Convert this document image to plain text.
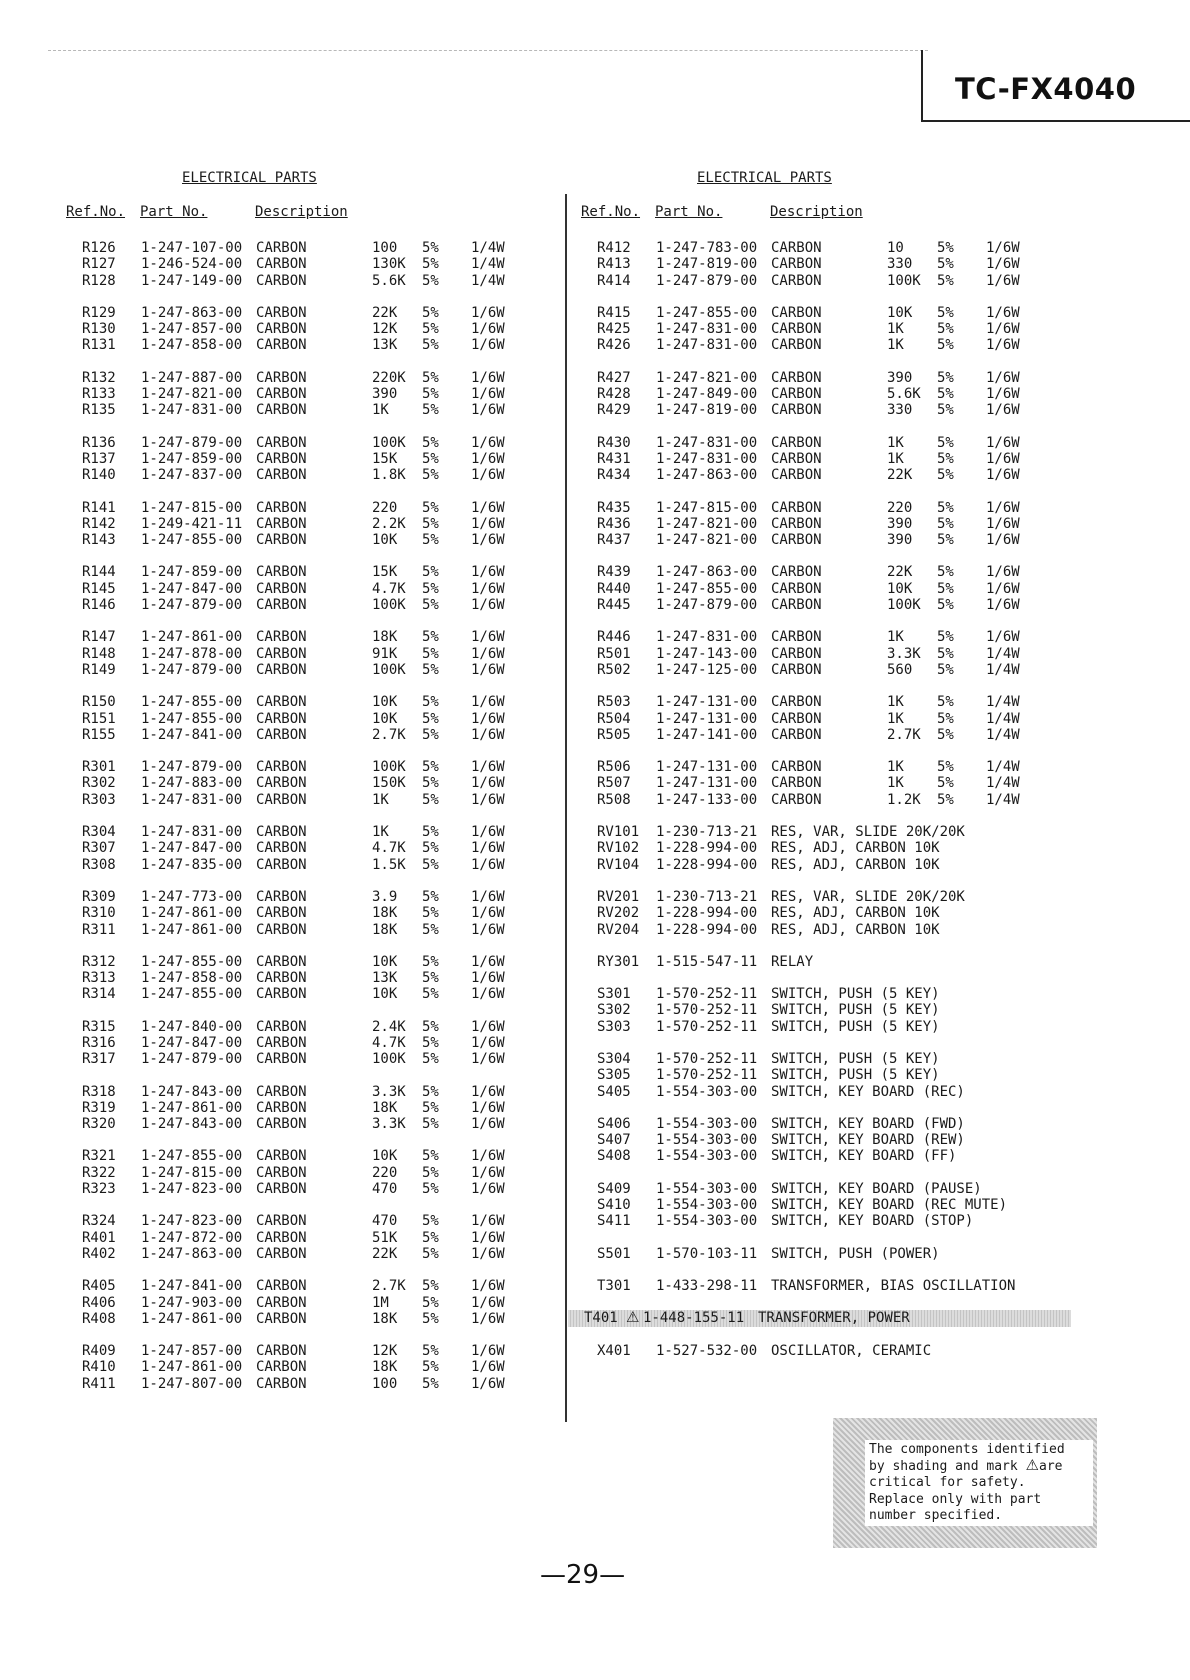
TC-FX4040
ELECTRICAL PARTS
Ref.No. Part No.	Description
R126 1-247-107-00 CARBON	100 5% 1/4W
R127 1-246-524-00 CARBON	130K 5% 1/4W
R128 1-247-149-00 CARBON	5.6K 5% 1/4W
R129 1-247-863-00 CARBON	22K 5% 1/6W
R130 1-247-857-00 CARBON	12K 5% 1/6W
R131 1-247-858-00 CARBON	13K 5% 1/6W
R132 1-247-887-00 CARBON	220K 5% 1/6W
R133 1-247-821-00 CARBON	390 5% 1/6W
R135 1-247-831-00 CARBON	1K 5% 1/6W
R136 1-247-879-00 CARBON	100K 5% 1/6W
R137 1-247-859-00 CARBON	15K 5% 1/6W
R140 1-247-837-00 CARBON	1.8K 5% 1/6W
R141 1-247-815-00 CARBON	220 5% 1/6W
R142 1-249-421-11 CARBON	2.2K 5% 1/6W
R143 1-247-855-00 CARBON	10K 5% 1/6W
R144 1-247-859-00 CARBON	15K 5% 1/6W
R145 1-247-847-00 CARBON	4.7K 5% 1/6W
R146 1-247-879-00 CARBON	100K 5% 1/6W
R147 1-247-861-00 CARBON	18K 5% 1/6W
R148 1-247-878-00 CARBON	91K 5% 1/6W
R149 1-247-879-00 CARBON	100K 5% 1/6W
R150 1-247-855-00 CARBON	10K 5% 1/6W
R151 1-247-855-00 CARBON	10K 5% 1/6W
R155 1-247-841-00 CARBON	2.7K 5% 1/6W
R301 1-247-879-00 CARBON	100K 5% 1/6W
R302 1-247-883-00 CARBON	150K 5% 1/6W
R303 1-247-831-00 CARBON	1K 5% 1/6W
R304 1-247-831-00 CARBON	1K 5% 1/6W
R307 1-247-847-00 CARBON	4.7K 5% 1/6W
R308 1-247-835-00 CARBON	1.5K 5% 1/6W
R309 1-247-773-00 CARBON	3.9 5% 1/6W
R310 1-247-861-00 CARBON	18K 5% 1/6W
R311 1-247-861-00 CARBON	18K 5% 1/6W
R312 1-247-855-00 CARBON	10K 5% 1/6W
R313 1-247-858-00 CARBON	13K 5% 1/6W
R314 1-247-855-00 CARBON	10K 5% 1/6W
R315 1-247-840-00 CARBON	2.4K 5% 1/6W
R316 1-247-847-00 CARBON	4.7K 5% 1/6W
R317 1-247-879-00 CARBON	100K 5% 1/6W
R318 1-247-843-00 CARBON	3.3K 5% 1/6W
R319 1-247-861-00 CARBON	18K 5% 1/6W
R320 1-247-843-00 CARBON	3.3K 5% 1/6W
R321 1-247-855-00 CARBON	10K 5% 1/6W
R322 1-247-815-00 CARBON	220 5% 1/6W
R323 1-247-823-00 CARBON	470 5% 1/6W
R324 1-247-823-00 CARBON	470 5% 1/6W
R401 1-247-872-00 CARBON	51K 5% 1/6W
R402 1-247-863-00 CARBON	22K 5% 1/6W
R405 1-247-841-00 CARBON	2.7K 5% 1/6W
R406 1-247-903-00 CARBON	1M 5% 1/6W
R408 1-247-861-00 CARBON	18K 5% 1/6W
R409 1-247-857-00 CARBON	12K 5% 1/6W
R410 1-247-861-00 CARBON	18K 5% 1/6W
R411 1-247-807-00 CARBON	100 5% 1/6W
ELECTRICAL PARTS
Ref.No. Part No.	Description
R412 1-247-783-00 CARBON	10 5% 1/6W
R413 1-247-819-00 CARBON	330 5% 1/6W
R414 1-247-879-00 CARBON	100K 5% 1/6W
R415 1-247-855-00 CARBON	10K 5% 1/6W
R425 1-247-831-00 CARBON	1K 5% 1/6W
R426 1-247-831-00 CARBON	1K 5% 1/6W
R427 1-247-821-00 CARBON	390 5% 1/6W
R428 1-247-849-00 CARBON	5.6K 5% 1/6W
R429 1-247-819-00 CARBON	330 5% 1/6W
R430 1-247-831-00 CARBON	1K 5% 1/6W
R431 1-247-831-00 CARBON	1K 5% 1/6W
R434 1-247-863-00 CARBON	22K 5% 1/6W
R435 1-247-815-00 CARBON	220 5% 1/6W
R436 1-247-821-00 CARBON	390 5% 1/6W
R437 1-247-821-00 CARBON	390 5% 1/6W
R439 1-247-863-00 CARBON	22K 5% 1/6W
R440 1-247-855-00 CARBON	10K 5% 1/6W
R445 1-247-879-00 CARBON	100K 5% 1/6W
R446 1-247-831-00 CARBON	1K 5% 1/6W
R501 1-247-143-00 CARBON	3.3K 5% 1/4W
R502 1-247-125-00 CARBON	560 5% 1/4W
R503 1-247-131-00 CARBON	1K 5% 1/4W
R504 1-247-131-00 CARBON	1K 5% 1/4W
R505 1-247-141-00 CARBON	2.7K 5% 1/4W
R506 1-247-131-00 CARBON	1K 5% 1/4W
R507 1-247-131-00 CARBON	1K 5% 1/4W
R508 1-247-133-00 CARBON	1.2K 5% 1/4W
RV101 1-230-713-21 RES, VAR, SLIDE 20K/20K
RV102 1-228-994-00 RES, ADJ, CARBON 10K
RV104 1-228-994-00 RES, ADJ, CARBON 10K
RV201 1-230-713-21 RES, VAR, SLIDE 20K/20K
RV202 1-228-994-00 RES, ADJ, CARBON 10K
RV204 1-228-994-00 RES, ADJ, CARBON 10K
RY301 1-515-547-11 RELAY
S301 1-570-252-11 SWITCH, PUSH (5 KEY)
S302 1-570-252-11 SWITCH, PUSH (5 KEY)
S303 1-570-252-11 SWITCH, PUSH (5 KEY)
S304 1-570-252-11 SWITCH, PUSH (5 KEY)
S305 1-570-252-11 SWITCH, PUSH (5 KEY)
S405 1-554-303-00 SWITCH, KEY BOARD (REC)
S406 1-554-303-00 SWITCH, KEY BOARD (FWD)
S407 1-554-303-00 SWITCH, KEY BOARD (REW)
S408 1-554-303-00 SWITCH, KEY BOARD (FF)
S409 1-554-303-00 SWITCH, KEY BOARD (PAUSE)
S410 1-554-303-00 SWITCH, KEY BOARD (REC MUTE)
S411 1-554-303-00 SWITCH, KEY BOARD (STOP)
S501 1-570-103-11 SWITCH, PUSH (POWER)
T301 1-433-298-11 TRANSFORMER, BIAS OSCILLATION
T401 1-448-155-11 TRANSFORMER, POWER
⚠
X401 1-527-532-00 OSCILLATOR, CERAMIC
The components identified
by shading and mark ⚠are
critical for safety.
Replace only with part
number specified.
—29—
